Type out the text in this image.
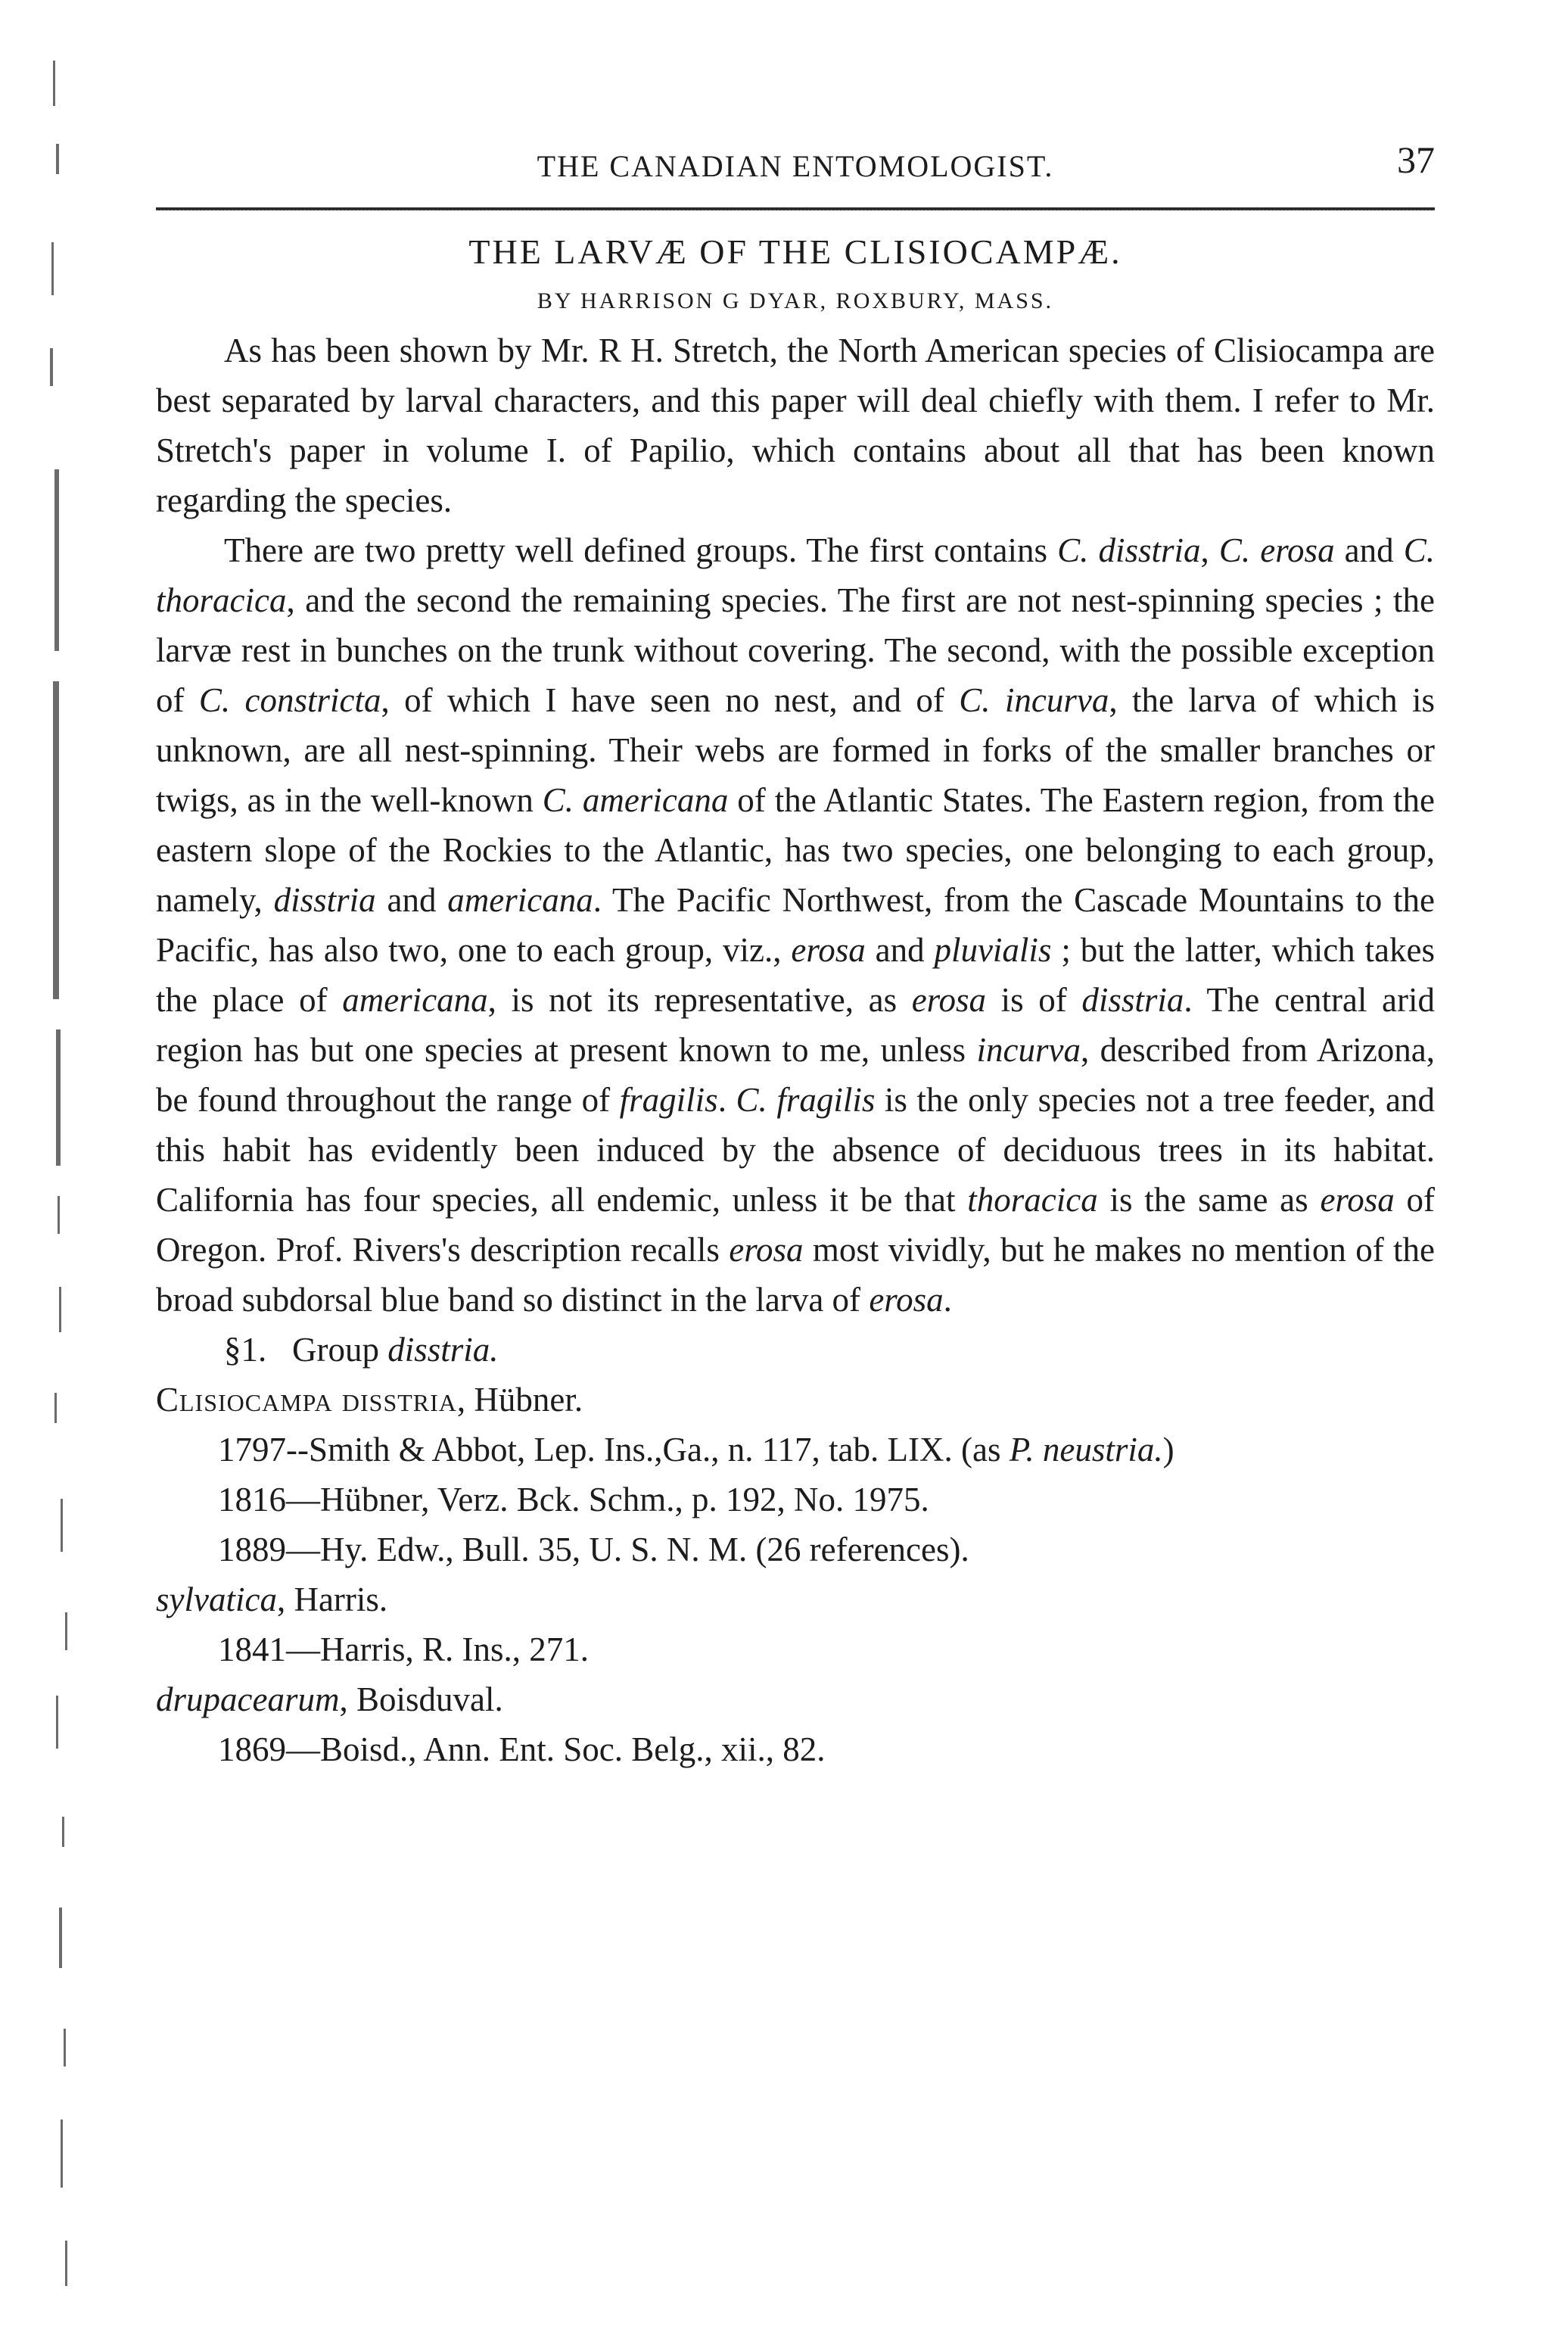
THE CANADIAN ENTOMOLOGIST.	37
THE LARVÆ OF THE CLISIOCAMPÆ.
BY HARRISON G DYAR, ROXBURY, MASS.

As has been shown by Mr. R H. Stretch, the North American species of Clisiocampa are best separated by larval characters, and this paper will deal chiefly with them. I refer to Mr. Stretch's paper in volume I. of Papilio, which contains about all that has been known regarding the species.

There are two pretty well defined groups. The first contains C. disstria, C. erosa and C. thoracica, and the second the remaining species. The first are not nest-spinning species ; the larvæ rest in bunches on the trunk without covering. The second, with the possible exception of C. constricta, of which I have seen no nest, and of C. incurva, the larva of which is unknown, are all nest-spinning. Their webs are formed in forks of the smaller branches or twigs, as in the well-known C. americana of the Atlantic States. The Eastern region, from the eastern slope of the Rockies to the Atlantic, has two species, one belonging to each group, namely, disstria and americana. The Pacific Northwest, from the Cascade Mountains to the Pacific, has also two, one to each group, viz., erosa and pluvialis ; but the latter, which takes the place of americana, is not its representative, as erosa is of disstria. The central arid region has but one species at present known to me, unless incurva, described from Arizona, be found throughout the range of fragilis. C. fragilis is the only species not a tree feeder, and this habit has evidently been induced by the absence of deciduous trees in its habitat. California has four species, all endemic, unless it be that thoracica is the same as erosa of Oregon. Prof. Rivers's description recalls erosa most vividly, but he makes no mention of the broad subdorsal blue band so distinct in the larva of erosa.

§1. Group disstria.

Clisiocampa disstria, Hübner.

1797--Smith & Abbot, Lep. Ins.,Ga., n. 117, tab. LIX. (as P. neustria.)

1816—Hübner, Verz. Bck. Schm., p. 192, No. 1975.

1889—Hy. Edw., Bull. 35, U. S. N. M. (26 references).

sylvatica, Harris.

1841—Harris, R. Ins., 271.

drupacearum, Boisduval.

1869—Boisd., Ann. Ent. Soc. Belg., xii., 82.
